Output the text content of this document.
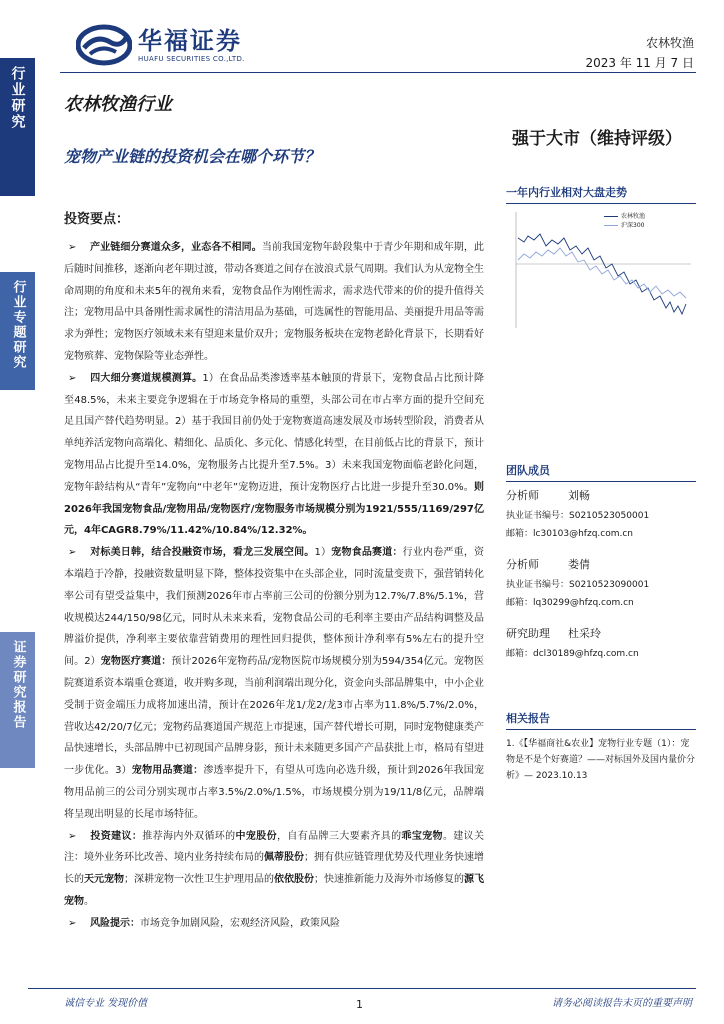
行业研究
行业专题研究
证券研究报告
华福证券
HUAFU SECURITIES CO.,LTD.
农林牧渔
2023 年 11 月 7 日
农林牧渔行业
宠物产业链的投资机会在哪个环节？
强于大市（维持评级）
投资要点：

➢ 产业链细分赛道众多，业态各不相同。当前我国宠物年龄段集中于青少年期和成年期，此后随时间推移，逐渐向老年期过渡，带动各赛道之间存在波浪式景气周期。我们认为从宠物全生命周期的角度和未来5年的视角来看，宠物食品作为刚性需求，需求迭代带来的价的提升值得关注；宠物用品中具备刚性需求属性的清洁用品为基础，可选属性的智能用品、美丽提升用品等需求为弹性；宠物医疗领域未来有望迎来量价双升；宠物服务板块在宠物老龄化背景下，长期看好宠物殡葬、宠物保险等业态弹性。

➢ 四大细分赛道规模测算。1）在食品品类渗透率基本触顶的背景下，宠物食品占比预计降至48.5%，未来主要竞争逻辑在于市场竞争格局的重塑，头部公司在市占率方面的提升空间充足且国产替代趋势明显。2）基于我国目前仍处于宠物赛道高速发展及市场转型阶段，消费者从单纯养活宠物向高端化、精细化、品质化、多元化、情感化转型，在目前低占比的背景下，预计宠物用品占比提升至14.0%，宠物服务占比提升至7.5%。3）未来我国宠物面临老龄化问题，宠物年龄结构从“青年”宠物向“中老年”宠物迈进，预计宠物医疗占比进一步提升至30.0%。则2026年我国宠物食品/宠物用品/宠物医疗/宠物服务市场规模分别为1921/555/1169/297亿元，4年CAGR8.79%/11.42%/10.84%/12.32%。

➢ 对标美日韩，结合投融资市场，看龙三发展空间。1）宠物食品赛道：行业内卷严重，资本端趋于冷静，投融资数量明显下降，整体投资集中在头部企业，同时流量变贵下，强营销转化率公司有望受益集中，我们预测2026年市占率前三公司的份额分别为12.7%/7.8%/5.1%，营收规模达244/150/98亿元，同时从未来来看，宠物食品公司的毛利率主要由产品结构调整及品牌溢价提供，净利率主要依靠营销费用的理性回归提供，整体预计净利率有5%左右的提升空间。2）宠物医疗赛道：预计2026年宠物药品/宠物医院市场规模分别为594/354亿元。宠物医院赛道系资本端重仓赛道，收并购多现，当前利润端出现分化，资金向头部品牌集中，中小企业受制于资金端压力成将加速出清，预计在2026年龙1/龙2/龙3市占率为11.8%/5.7%/2.0%，营收达42/20/7亿元；宠物药品赛道国产规范上市提速，国产替代增长可期，同时宠物健康类产品快速增长，头部品牌中已初现国产品牌身影，预计未来随更多国产产品获批上市，格局有望进一步优化。3）宠物用品赛道：渗透率提升下，有望从可选向必选升级，预计到2026年我国宠物用品前三的公司分别实现市占率3.5%/2.0%/1.5%，市场规模分别为19/11/8亿元，品牌端将呈现出明显的长尾市场特征。

➢ 投资建议：推荐海内外双循环的中宠股份，自有品牌三大要素齐具的乖宝宠物。建议关注：境外业务环比改善、境内业务持续布局的佩蒂股份；拥有供应链管理优势及代理业务快速增长的天元宠物；深耕宠物一次性卫生护理用品的依依股份；快速推新能力及海外市场修复的源飞宠物。

➢ 风险提示：市场竞争加剧风险，宏观经济风险，政策风险

一年内行业相对大盘走势
农林牧渔
沪深300
团队成员
分析师	刘畅
执业证书编号：S0210523050001
邮箱：lc30103@hfzq.com.cn
分析师	娄倩
执业证书编号：S0210523090001
邮箱：lq30299@hfzq.com.cn
研究助理	杜采玲
邮箱：dcl30189@hfzq.com.cn
相关报告
1.《【华福商社&农业】宠物行业专题（1）：宠物是不是个好赛道？——对标国外及国内量价分析》— 2023.10.13
诚信专业 发现价值	1	请务必阅读报告末页的重要声明
